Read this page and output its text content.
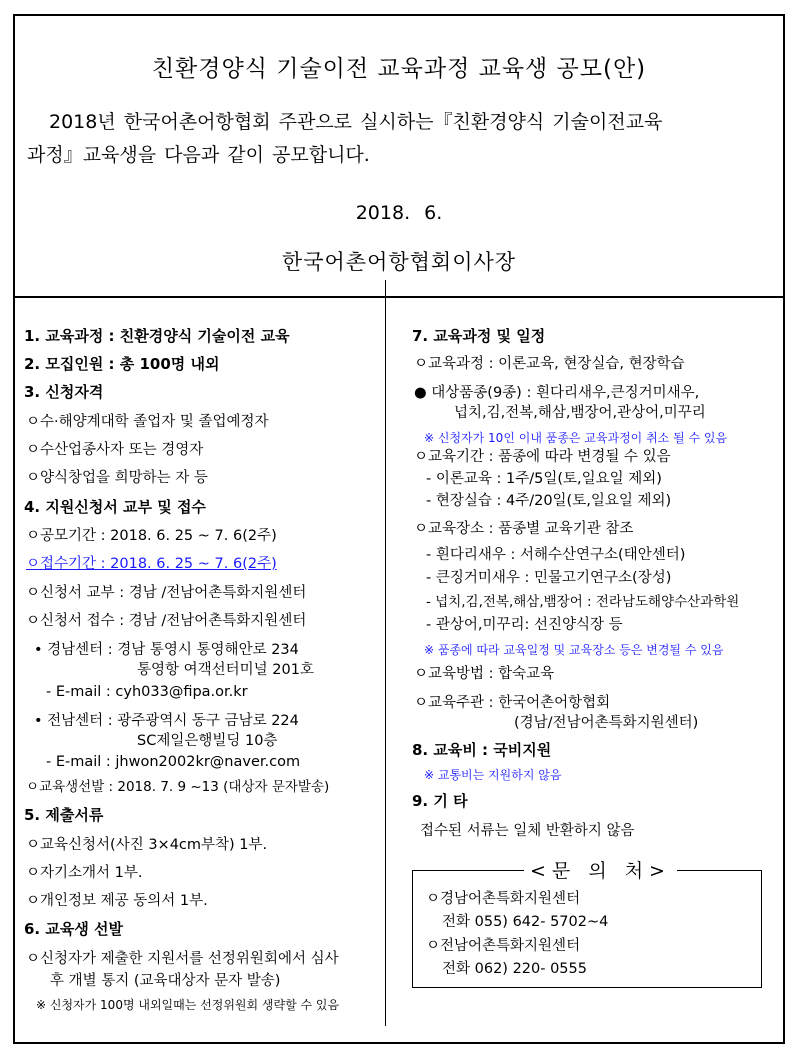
친환경양식 기술이전 교육과정 교육생 공모(안)
2018년 한국어촌어항협회 주관으로 실시하는『친환경양식 기술이전교육
과정』교육생을 다음과 같이 공모합니다.
2018. 6.
한국어촌어항협회이사장
1. 교육과정 : 친환경양식 기술이전 교육
2. 모집인원 : 총 100명 내외
3. 신청자격
ㅇ수·해양계대학 졸업자 및 졸업예정자
ㅇ수산업종사자 또는 경영자
ㅇ양식창업을 희망하는 자 등
4. 지원신청서 교부 및 접수
ㅇ공모기간 : 2018. 6. 25 ~ 7. 6(2주)
ㅇ접수기간 : 2018. 6. 25 ~ 7. 6(2주)
ㅇ신청서 교부 : 경남 /전남어촌특화지원센터
ㅇ신청서 접수 : 경남 /전남어촌특화지원센터
• 경남센터 : 경남 통영시 통영해안로 234
통영항 여객선터미널 201호
- E-mail : cyh033@fipa.or.kr
• 전남센터 : 광주광역시 동구 금남로 224
SC제일은행빌딩 10층
- E-mail : jhwon2002kr@naver.com
ㅇ교육생선발 : 2018. 7. 9 ~13 (대상자 문자발송)
5. 제출서류
ㅇ교육신청서(사진 3×4cm부착) 1부.
ㅇ자기소개서 1부.
ㅇ개인정보 제공 동의서 1부.
6. 교육생 선발
ㅇ신청자가 제출한 지원서를 선정위원회에서 심사
후 개별 통지 (교육대상자 문자 발송)
※ 신청자가 100명 내외일때는 선정위원회 생략할 수 있음
7. 교육과정 및 일정
ㅇ교육과정 : 이론교육, 현장실습, 현장학습
● 대상품종(9종) : 흰다리새우,큰징거미새우,
넙치,김,전복,해삼,뱀장어,관상어,미꾸리
※ 신청자가 10인 이내 품종은 교육과정이 취소 될 수 있음
ㅇ교육기간 : 품종에 따라 변경될 수 있음
- 이론교육 : 1주/5일(토,일요일 제외)
- 현장실습 : 4주/20일(토,일요일 제외)
ㅇ교육장소 : 품종별 교육기관 참조
- 흰다리새우 : 서해수산연구소(태안센터)
- 큰징거미새우 : 민물고기연구소(장성)
- 넙치,김,전복,해삼,뱀장어 : 전라남도해양수산과학원
- 관상어,미꾸리: 선진양식장 등
※ 품종에 따라 교육일정 및 교육장소 등은 변경될 수 있음
ㅇ교육방법 : 합숙교육
ㅇ교육주관 : 한국어촌어항협회
(경남/전남어촌특화지원센터)
8. 교육비 : 국비지원
※ 교통비는 지원하지 않음
9. 기 타
접수된 서류는 일체 반환하지 않음
<문 의 처>
ㅇ경남어촌특화지원센터
전화 055) 642- 5702~4
ㅇ전남어촌특화지원센터
전화 062) 220- 0555
